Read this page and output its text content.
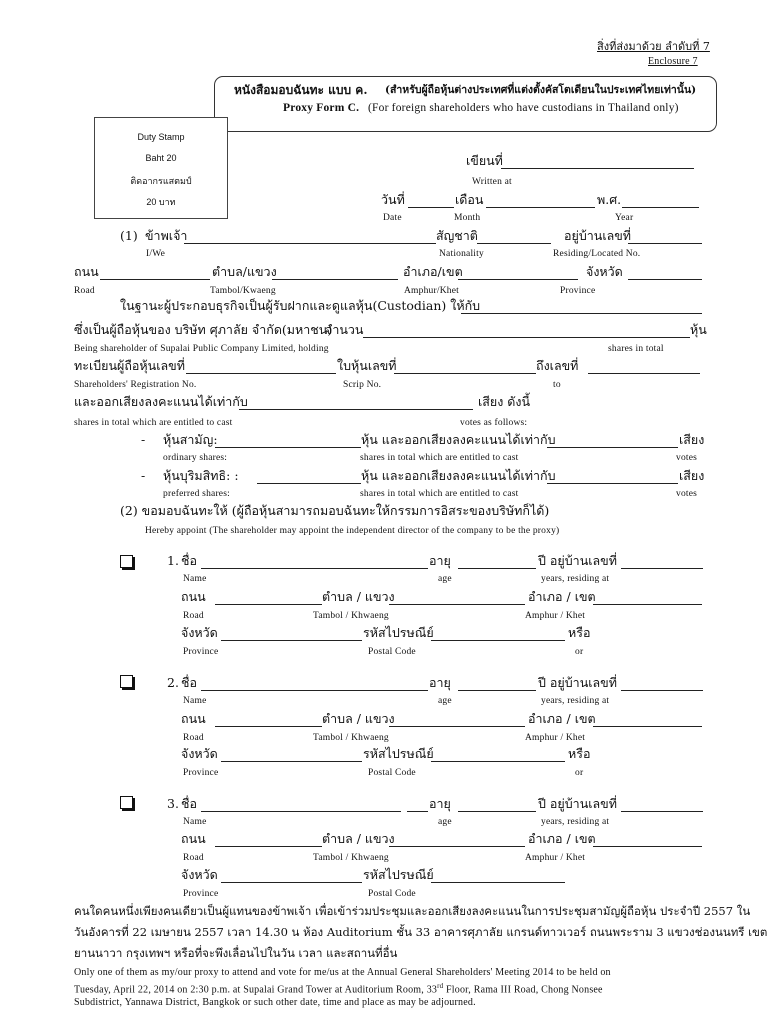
สิ่งที่ส่งมาด้วย ลำดับที่ 7
Enclosure 7
หนังสือมอบฉันทะ แบบ ค. (สำหรับผู้ถือหุ้นต่างประเทศที่แต่งตั้งคัสโตเดียนในประเทศไทยเท่านั้น)
Proxy Form C. (For foreign shareholders who have custodians in Thailand only)
Duty Stamp
Baht 20
ติดอากรแสตมป์
20 บาท
เขียนที่
Written at
วันที่	เดือน	พ.ศ.
Date	Month	Year
(1) ข้าพเจ้า	สัญชาติ	อยู่บ้านเลขที่
I/We	Nationality	Residing/Located No.
ถนน	ตำบล/แขวง	อำเภอ/เขต	จังหวัด
Road	Tambol/Kwaeng	Amphur/Khet	Province
ในฐานะผู้ประกอบธุรกิจเป็นผู้รับฝากและดูแลหุ้น(Custodian) ให้กับ
ซึ่งเป็นผู้ถือหุ้นของ บริษัท ศุภาลัย จำกัด(มหาชน)
จำนวน	หุ้น
Being shareholder of Supalai Public Company Limited, holding	shares in total
ทะเบียนผู้ถือหุ้นเลขที่	ใบหุ้นเลขที่	ถึงเลขที่
Shareholders' Registration No.	Scrip No.	to
และออกเสียงลงคะแนนได้เท่ากับ	เสียง ดังนี้
shares in total which are entitled to cast	votes as follows:
- หุ้นสามัญ:	หุ้น และออกเสียงลงคะแนนได้เท่ากับ	เสียง
ordinary shares:	shares in total which are entitled to cast	votes
- หุ้นบุริมสิทธิ: :	หุ้น และออกเสียงลงคะแนนได้เท่ากับ	เสียง
preferred shares:	shares in total which are entitled to cast	votes
(2) ขอมอบฉันทะให้ (ผู้ถือหุ้นสามารถมอบฉันทะให้กรรมการอิสระของบริษัทก็ได้)
Hereby appoint (The shareholder may appoint the independent director of the company to be the proxy)
1. ชื่อ	อายุ	ปี อยู่บ้านเลขที่
Name	age	years, residing at
ถนน	ตำบล / แขวง	อำเภอ / เขต
Road	Tambol / Khwaeng	Amphur / Khet
จังหวัด	รหัสไปรษณีย์	หรือ
Province	Postal Code	or
2. ชื่อ	อายุ	ปี อยู่บ้านเลขที่
Name	age	years, residing at
ถนน	ตำบล / แขวง	อำเภอ / เขต
Road	Tambol / Khwaeng	Amphur / Khet
จังหวัด	รหัสไปรษณีย์	หรือ
Province	Postal Code	or
3. ชื่อ	อายุ	ปี อยู่บ้านเลขที่
Name	age	years, residing at
ถนน	ตำบล / แขวง	อำเภอ / เขต
Road	Tambol / Khwaeng	Amphur / Khet
จังหวัด	รหัสไปรษณีย์
Province	Postal Code
คนใดคนหนึ่งเพียงคนเดียวเป็นผู้แทนของข้าพเจ้า เพื่อเข้าร่วมประชุมและออกเสียงลงคะแนนในการประชุมสามัญผู้ถือหุ้น ประจำปี 2557 ใน
วันอังคารที่ 22 เมษายน 2557 เวลา 14.30 น ห้อง Auditorium ชั้น 33 อาคารศุภาลัย แกรนด์ทาวเวอร์ ถนนพระราม 3 แขวงช่องนนทรี เขต
ยานนาวา กรุงเทพฯ หรือที่จะพึงเลื่อนไปในวัน เวลา และสถานที่อื่น
Only one of them as my/our proxy to attend and vote for me/us at the Annual General Shareholders' Meeting 2014 to be held on
Tuesday, April 22, 2014 on 2:30 p.m. at Supalai Grand Tower at Auditorium Room, 33rd Floor, Rama III Road, Chong Nonsee
Subdistrict, Yannawa District, Bangkok or such other date, time and place as may be adjourned.
